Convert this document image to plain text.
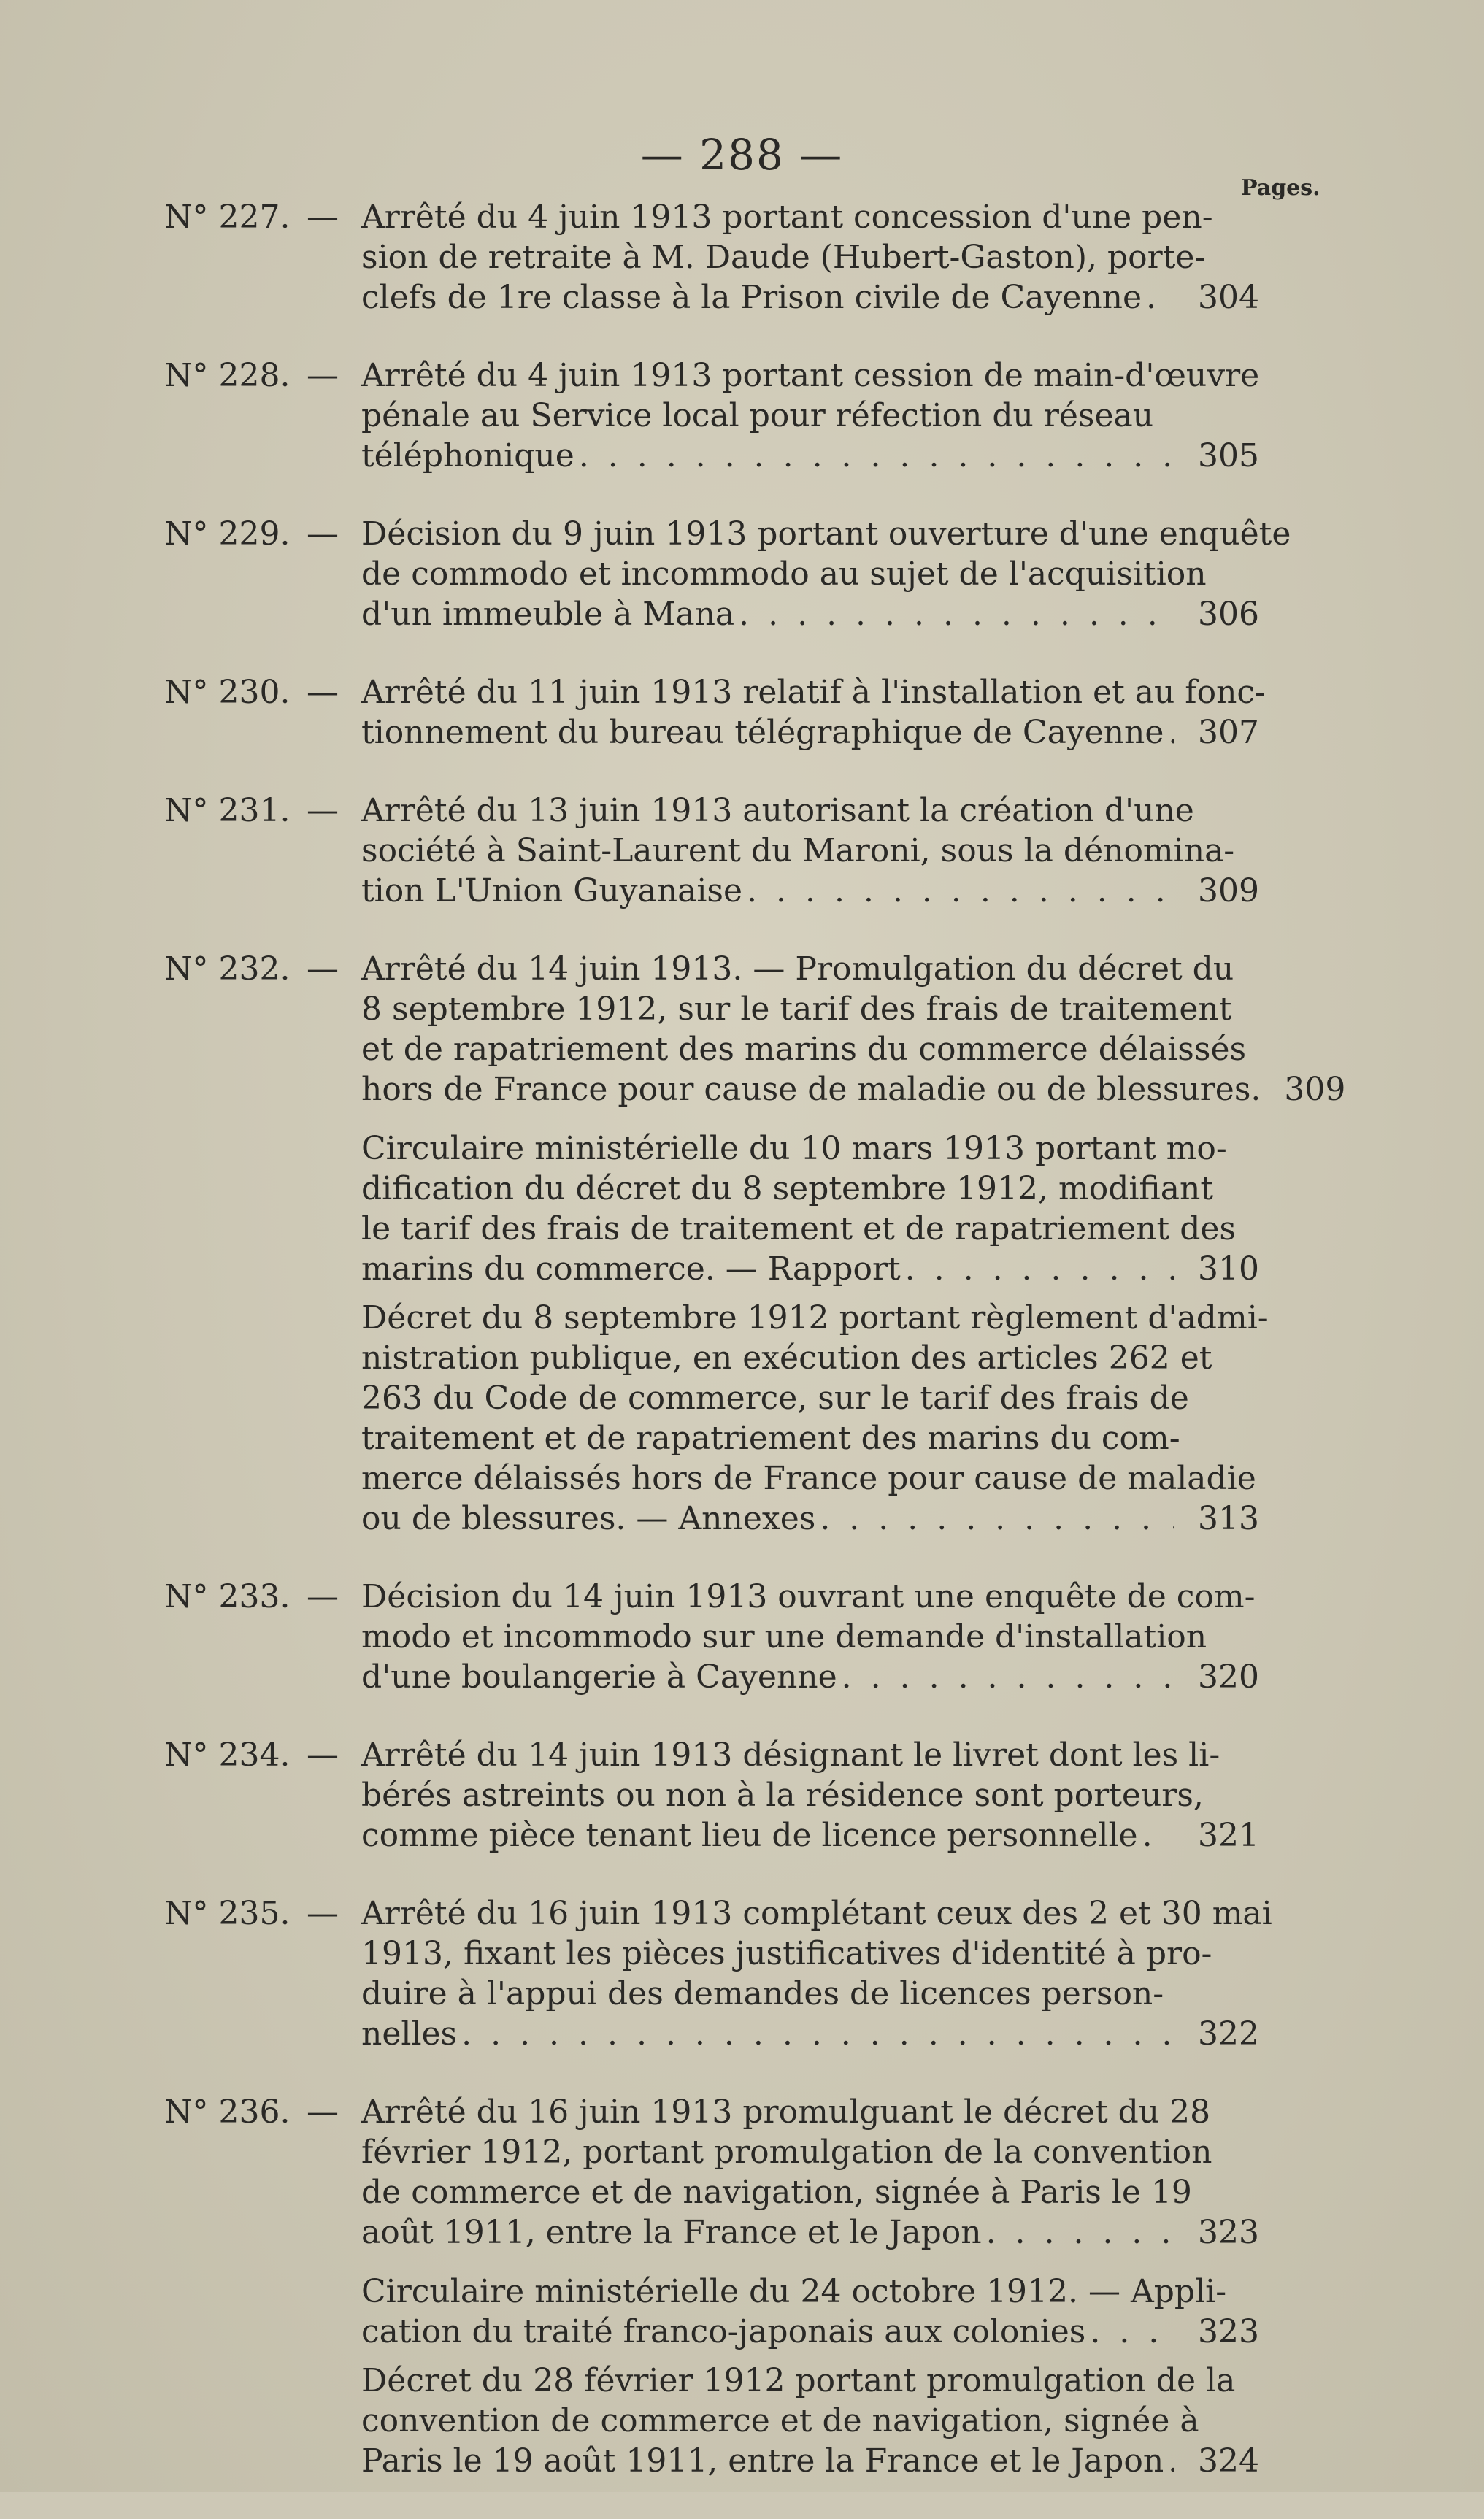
— 288 —
Pages.
N° 227. — Arrêté du 4 juin 1913 portant concession d'une pen-
sion de retraite à M. Daude (Hubert-Gaston), porte-
clefs de 1re classe à la Prison civile de Cayenne . . . 304
N° 228. — Arrêté du 4 juin 1913 portant cession de main-d'œuvre
pénale au Service local pour réfection du réseau
téléphonique . . .	305
N° 229. — Décision du 9 juin 1913 portant ouverture d'une enquête
de commodo et incommodo au sujet de l'acquisition
d'un immeuble à Mana . . .	306
N° 230. — Arrêté du 11 juin 1913 relatif à l'installation et au fonc-
tionnement du bureau télégraphique de Cayenne . . . 307
N° 231. — Arrêté du 13 juin 1913 autorisant la création d'une
société à Saint-Laurent du Maroni, sous la dénomina-
tion L'Union Guyanaise . . .	309
N° 232. — Arrêté du 14 juin 1913. — Promulgation du décret du
8 septembre 1912, sur le tarif des frais de traitement
et de rapatriement des marins du commerce délaissés
hors de France pour cause de maladie ou de blessures. 309
Circulaire ministérielle du 10 mars 1913 portant mo-
dification du décret du 8 septembre 1912, modifiant
le tarif des frais de traitement et de rapatriement des
marins du commerce. — Rapport . . .	310
Décret du 8 septembre 1912 portant règlement d'admi-
nistration publique, en exécution des articles 262 et
263 du Code de commerce, sur le tarif des frais de
traitement et de rapatriement des marins du com-
merce délaissés hors de France pour cause de maladie
ou de blessures. — Annexes . . .	313
N° 233. — Décision du 14 juin 1913 ouvrant une enquête de com-
modo et incommodo sur une demande d'installation
d'une boulangerie à Cayenne . . .	320
N° 234. — Arrêté du 14 juin 1913 désignant le livret dont les li-
bérés astreints ou non à la résidence sont porteurs,
comme pièce tenant lieu de licence personnelle . . . 321
N° 235. — Arrêté du 16 juin 1913 complétant ceux des 2 et 30 mai
1913, fixant les pièces justificatives d'identité à pro-
duire à l'appui des demandes de licences person-
nelles . . .	322
N° 236. — Arrêté du 16 juin 1913 promulguant le décret du 28
février 1912, portant promulgation de la convention
de commerce et de navigation, signée à Paris le 19
août 1911, entre la France et le Japon . . .	323
Circulaire ministérielle du 24 octobre 1912. — Appli-
cation du traité franco-japonais aux colonies . . .	323
Décret du 28 février 1912 portant promulgation de la
convention de commerce et de navigation, signée à
Paris le 19 août 1911, entre la France et le Japon . . . 324
